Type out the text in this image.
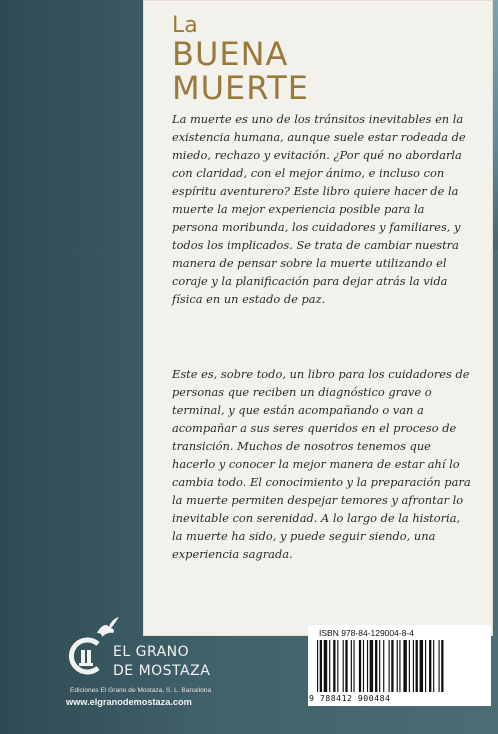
La
BUENA
MUERTE

La muerte es uno de los tránsitos inevitables en la existencia humana, aunque suele estar rodeada de miedo, rechazo y evitación. ¿Por qué no abordarla con claridad, con el mejor ánimo, e incluso con espíritu aventurero? Este libro quiere hacer de la muerte la mejor experiencia posible para la persona moribunda, los cuidadores y familiares, y todos los implicados. Se trata de cambiar nuestra manera de pensar sobre la muerte utilizando el coraje y la planificación para dejar atrás la vida física en un estado de paz.

Este es, sobre todo, un libro para los cuidadores de personas que reciben un diagnóstico grave o terminal, y que están acompañando o van a acompañar a sus seres queridos en el proceso de transición. Muchos de nosotros tenemos que hacerlo y conocer la mejor manera de estar ahí lo cambia todo. El conocimiento y la preparación para la muerte permiten despejar temores y afrontar lo inevitable con serenidad. A lo largo de la historia, la muerte ha sido, y puede seguir siendo, una experiencia sagrada.

EL GRANO
DE MOSTAZA
Ediciones El Grano de Mostaza, S. L. Barcelona
www.elgranodemostaza.com
ISBN 978-84-129004-8-4
9 788412 900484
